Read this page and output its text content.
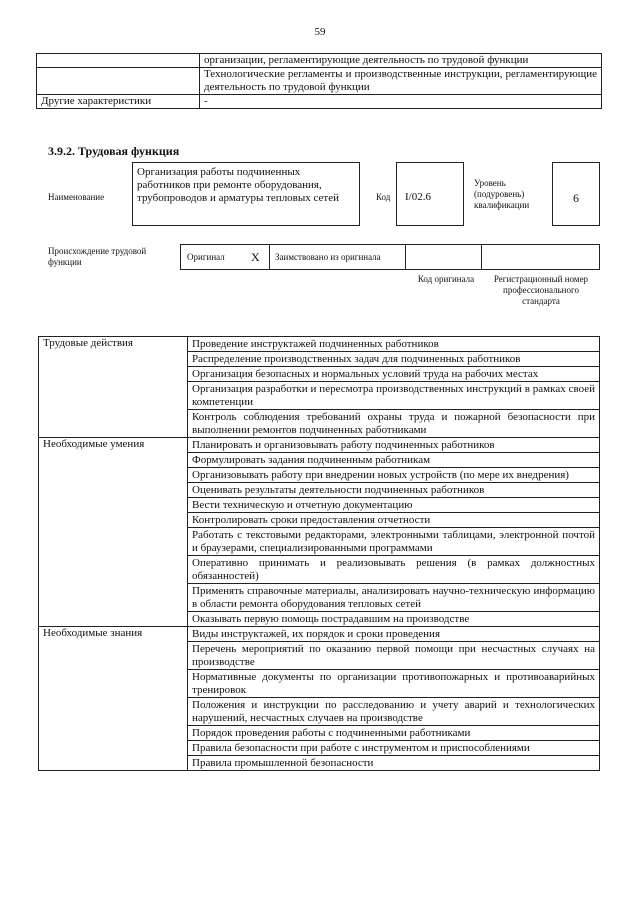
59
	организации, регламентирующие деятельность по трудовой функции
	Технологические регламенты и производственные инструкции, регламентирующие деятельность по трудовой функции
Другие характеристики	-
3.9.2. Трудовая функция
Наименование
Организация работы подчиненных работников при ремонте оборудования, трубопроводов и арматуры тепловых сетей	Код	I/02.6
Уровень (подуровень) квалификации	6
Происхождение трудовой функции	Оригинал X Заимствовано из оригинала
Код оригинала	Регистрационный номер профессионального стандарта
Трудовые действия	Проведение инструктажей подчиненных работников
	Распределение производственных задач для подчиненных работников
	Организация безопасных и нормальных условий труда на рабочих местах
	Организация разработки и пересмотра производственных инструкций в рамках своей компетенции
	Контроль соблюдения требований охраны труда и пожарной безопасности при выполнении ремонтов подчиненных работниками
Необходимые умения	Планировать и организовывать работу подчиненных работников
	Формулировать задания подчиненным работникам
	Организовывать работу при внедрении новых устройств (по мере их внедрения)
	Оценивать результаты деятельности подчиненных работников
	Вести техническую и отчетную документацию
	Контролировать сроки предоставления отчетности
	Работать с текстовыми редакторами, электронными таблицами, электронной почтой и браузерами, специализированными программами
	Оперативно принимать и реализовывать решения (в рамках должностных обязанностей)
	Применять справочные материалы, анализировать научно-техническую информацию в области ремонта оборудования тепловых сетей
	Оказывать первую помощь пострадавшим на производстве
Необходимые знания	Виды инструктажей, их порядок и сроки проведения
	Перечень мероприятий по оказанию первой помощи при несчастных случаях на производстве
	Нормативные документы по организации противопожарных и противоаварийных тренировок
	Положения и инструкции по расследованию и учету аварий и технологических нарушений, несчастных случаев на производстве
	Порядок проведения работы с подчиненными работниками
	Правила безопасности при работе с инструментом и приспособлениями
	Правила промышленной безопасности
